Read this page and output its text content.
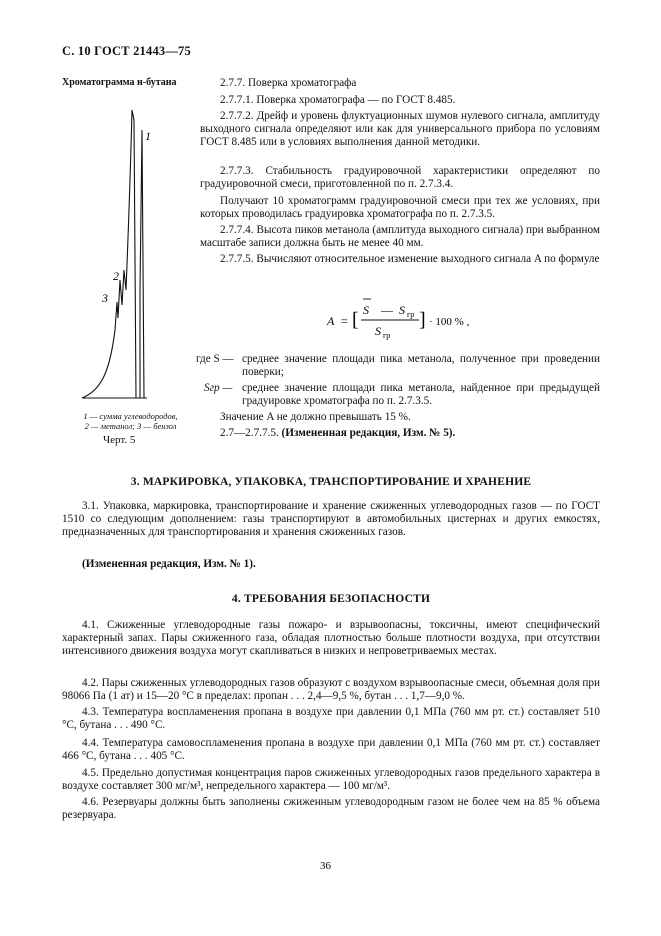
С. 10 ГОСТ 21443—75
Хроматограмма н-бутана
1
2
3
1 — сумма углеводородов,
2 — метанол; 3 — бензол
Черт. 5

2.7.7. Поверка хроматографа

2.7.7.1. Поверка хроматографа — по ГОСТ 8.485.

2.7.7.2. Дрейф и уровень флуктуационных шумов нулевого сигнала, амплитуду выходного сигнала определяют или как для универсального прибора по условиям ГОСТ 8.485 или в условиях выполнения данной методики.

2.7.7.3. Стабильность градуировочной характеристики определяют по градуировочной смеси, приготовленной по п. 2.7.3.4.

Получают 10 хроматограмм градуировочной смеси при тех же условиях, при которых проводилась градуировка хроматографа по п. 2.7.3.5.

2.7.7.4. Высота пиков метанола (амплитуда выходного сигнала) при выбранном масштабе записи должна быть не менее 40 мм.

2.7.7.5. Вычисляют относительное изменение выходного сигнала A по формуле

A = [ S — S гр
S гр
] · 100 % ,
где S — среднее значение площади пика метанола, полученное при проведении поверки;

Sгр — среднее значение площади пика метанола, найденное при предыдущей градуировке хроматографа по п. 2.7.3.5.

Значение A не должно превышать 15 %.

2.7—2.7.7.5. (Измененная редакция, Изм. № 5).

3. МАРКИРОВКА, УПАКОВКА, ТРАНСПОРТИРОВАНИЕ И ХРАНЕНИЕ

3.1. Упаковка, маркировка, транспортирование и хранение сжиженных углеводородных газов — по ГОСТ 1510 со следующим дополнением: газы транспортируют в автомобильных цистернах и других емкостях, предназначенных для транспортирования и хранения сжиженных газов.

(Измененная редакция, Изм. № 1).

4. ТРЕБОВАНИЯ БЕЗОПАСНОСТИ

4.1. Сжиженные углеводородные газы пожаро- и взрывоопасны, токсичны, имеют специфический характерный запах. Пары сжиженного газа, обладая плотностью больше плотности воздуха, при отсутствии интенсивного движения воздуха могут скапливаться в низких и непроветриваемых местах.

4.2. Пары сжиженных углеводородных газов образуют с воздухом взрывоопасные смеси, объемная доля при 98066 Па (1 ат) и 15—20 °С в пределах: пропан . . . 2,4—9,5 %, бутан . . . 1,7—9,0 %.

4.3. Температура воспламенения пропана в воздухе при давлении 0,1 МПа (760 мм рт. ст.) составляет 510 °С, бутана . . . 490 °С.

4.4. Температура самовоспламенения пропана в воздухе при давлении 0,1 МПа (760 мм рт. ст.) составляет 466 °С, бутана . . . 405 °С.

4.5. Предельно допустимая концентрация паров сжиженных углеводородных газов предельного характера в воздухе составляет 300 мг/м³, непредельного характера — 100 мг/м³.

4.6. Резервуары должны быть заполнены сжиженным углеводородным газом не более чем на 85 % объема резервуара.

36
